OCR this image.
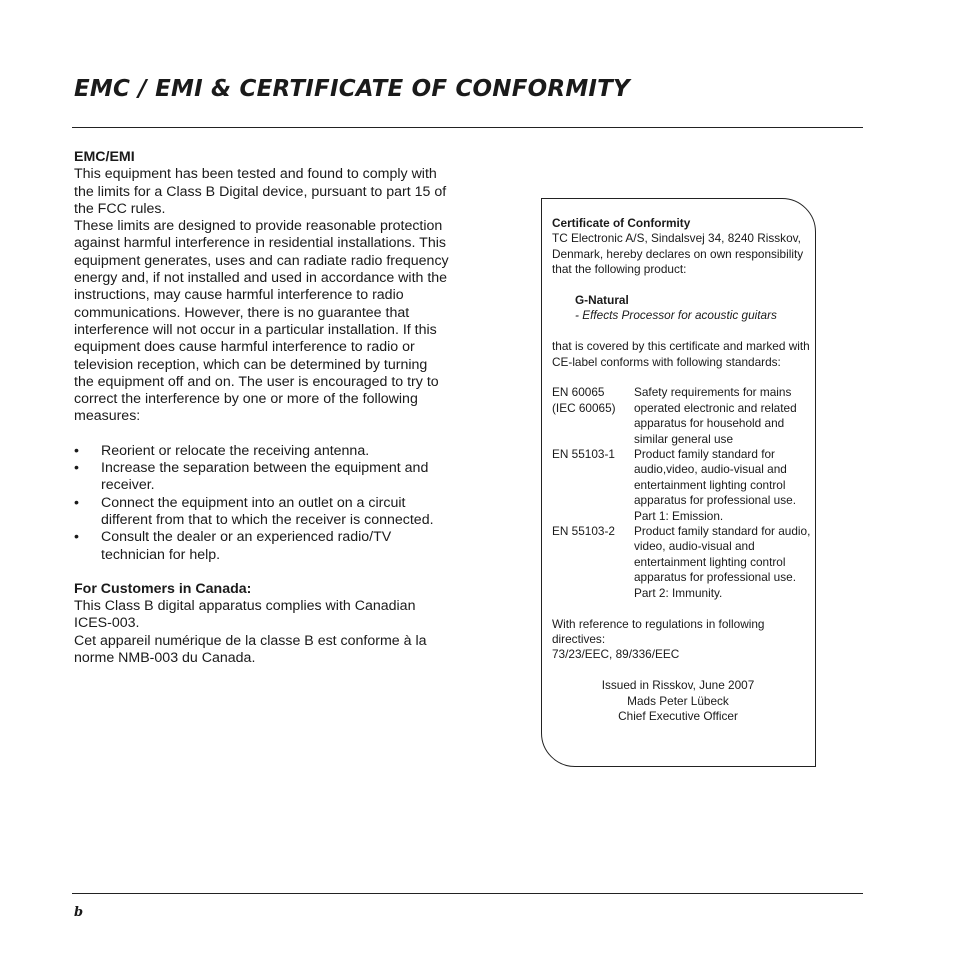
EMC / EMI & CERTIFICATE OF CONFORMITY

EMC/EMI

This equipment has been tested and found to comply with the limits for a Class B Digital device, pursuant to part 15 of the FCC rules.

These limits are designed to provide reasonable protection against harmful interference in residential installations. This equipment generates, uses and can radiate radio frequency energy and, if not installed and used in accordance with the instructions, may cause harmful interference to radio communications. However, there is no guarantee that interference will not occur in a particular installation. If this equipment does cause harmful interference to radio or television reception, which can be determined by turning the equipment off and on. The user is encouraged to try to correct the interference by one or more of the following measures:

• Reorient or relocate the receiving antenna.
• Increase the separation between the equipment and receiver.
• Connect the equipment into an outlet on a circuit different from that to which the receiver is connected.
• Consult the dealer or an experienced radio/TV technician for help.

For Customers in Canada:

This Class B digital apparatus complies with Canadian ICES-003.

Cet appareil numérique de la classe B est conforme à la norme NMB-003 du Canada.

Certificate of Conformity

TC Electronic A/S, Sindalsvej 34, 8240 Risskov, Denmark, hereby declares on own responsibility that the following product:

G-Natural

- Effects Processor for acoustic guitars

that is covered by this certificate and marked with CE-label conforms with following standards:

EN 60065
(IEC 60065)
Safety requirements for mains operated electronic and related apparatus for household and similar general use
EN 55103-1	Product family standard for audio,video, audio-visual and entertainment lighting control apparatus for professional use. Part 1: Emission.
EN 55103-2	Product family standard for audio, video, audio-visual and entertainment lighting control apparatus for professional use. Part 2: Immunity.

With reference to regulations in following directives:

73/23/EEC, 89/336/EEC

Issued in Risskov, June 2007

Mads Peter Lübeck

Chief Executive Officer

b
